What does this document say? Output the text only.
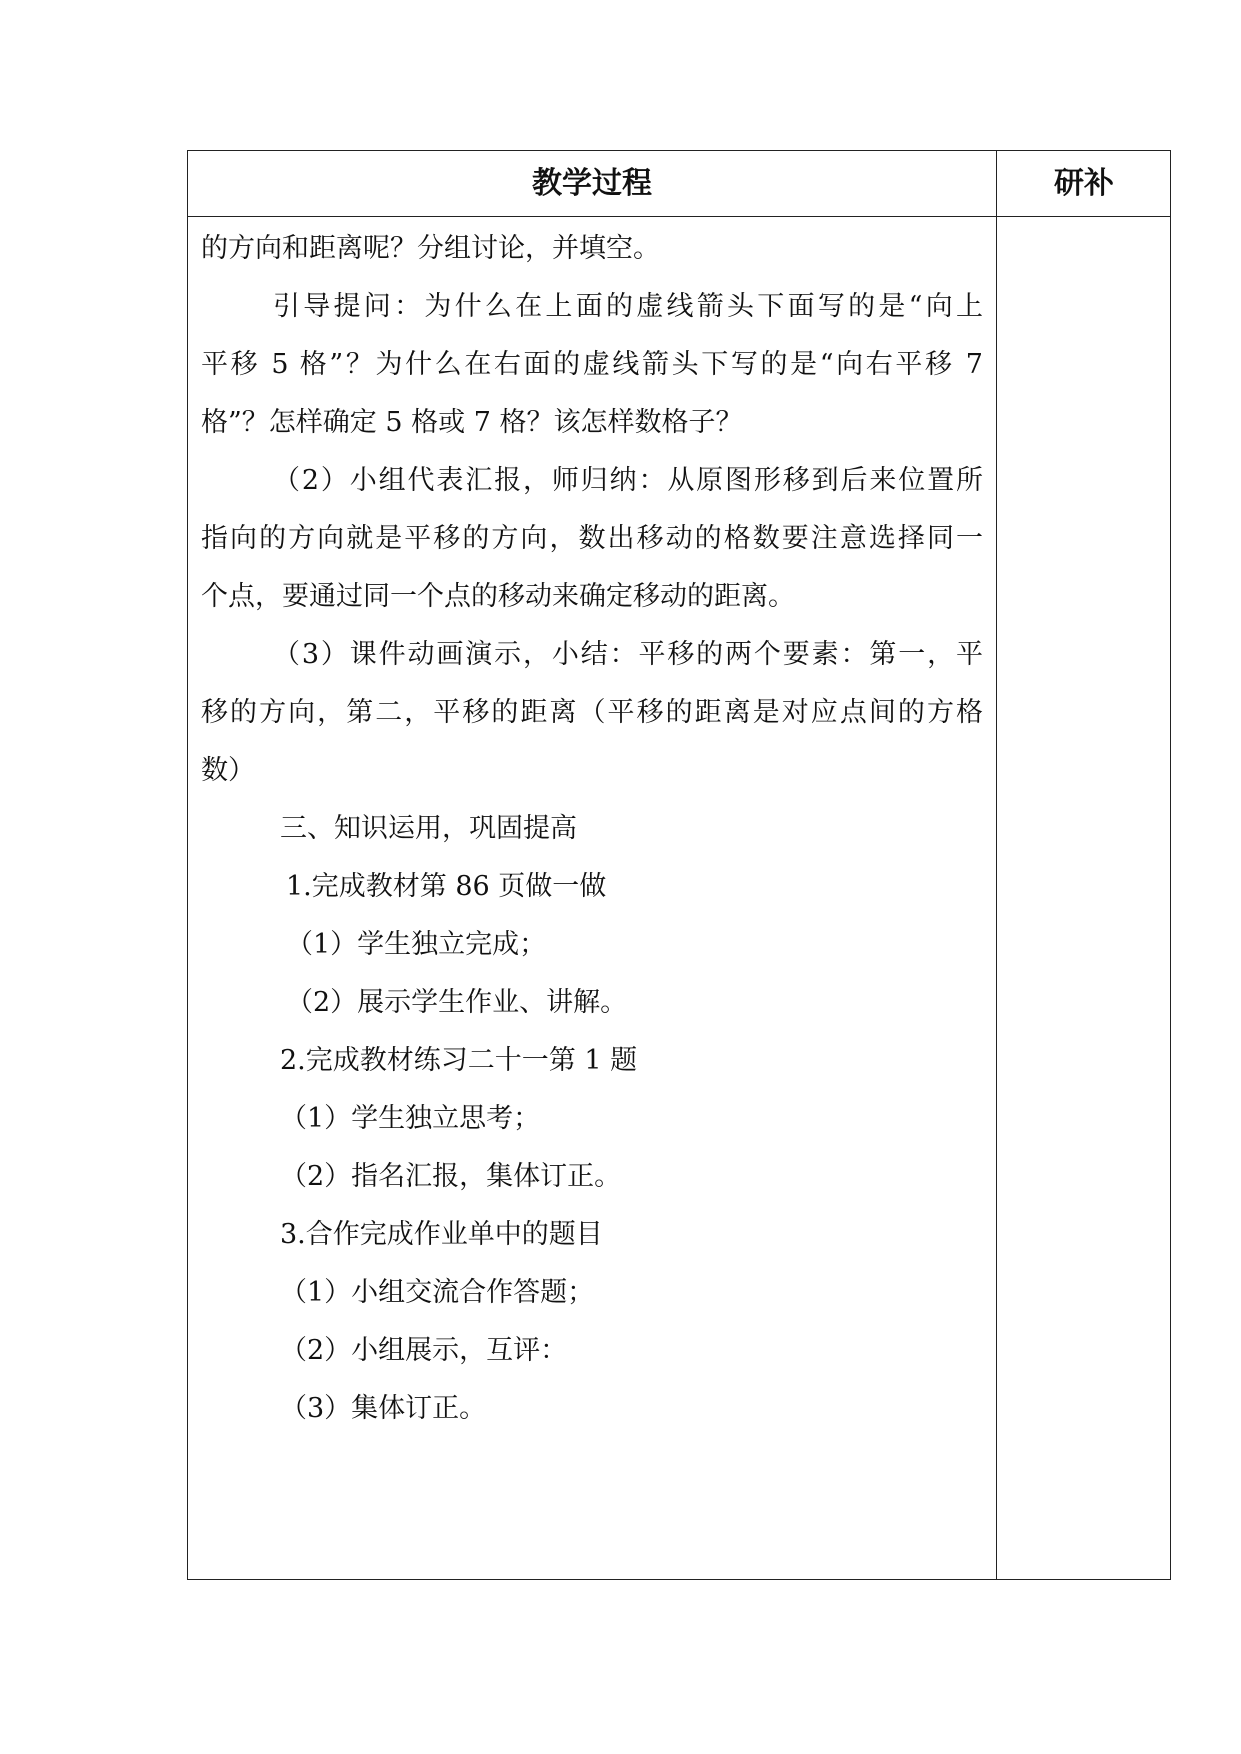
教学过程	研补
的方向和距离呢？分组讨论，并填空。
引导提问：为什么在上面的虚线箭头下面写的是“向上
平移 5 格”？为什么在右面的虚线箭头下写的是“向右平移 7
格”？怎样确定 5 格或 7 格？该怎样数格子？
（2）小组代表汇报，师归纳：从原图形移到后来位置所
指向的方向就是平移的方向，数出移动的格数要注意选择同一
个点，要通过同一个点的移动来确定移动的距离。
（3）课件动画演示，小结：平移的两个要素：第一，平
移的方向，第二，平移的距离（平移的距离是对应点间的方格
数）
三、知识运用，巩固提高
1.完成教材第 86 页做一做
（1）学生独立完成；
（2）展示学生作业、讲解。
2.完成教材练习二十一第 1 题
（1）学生独立思考；
（2）指名汇报，集体订正。
3.合作完成作业单中的题目
（1）小组交流合作答题；
（2）小组展示，互评：
（3）集体订正。
